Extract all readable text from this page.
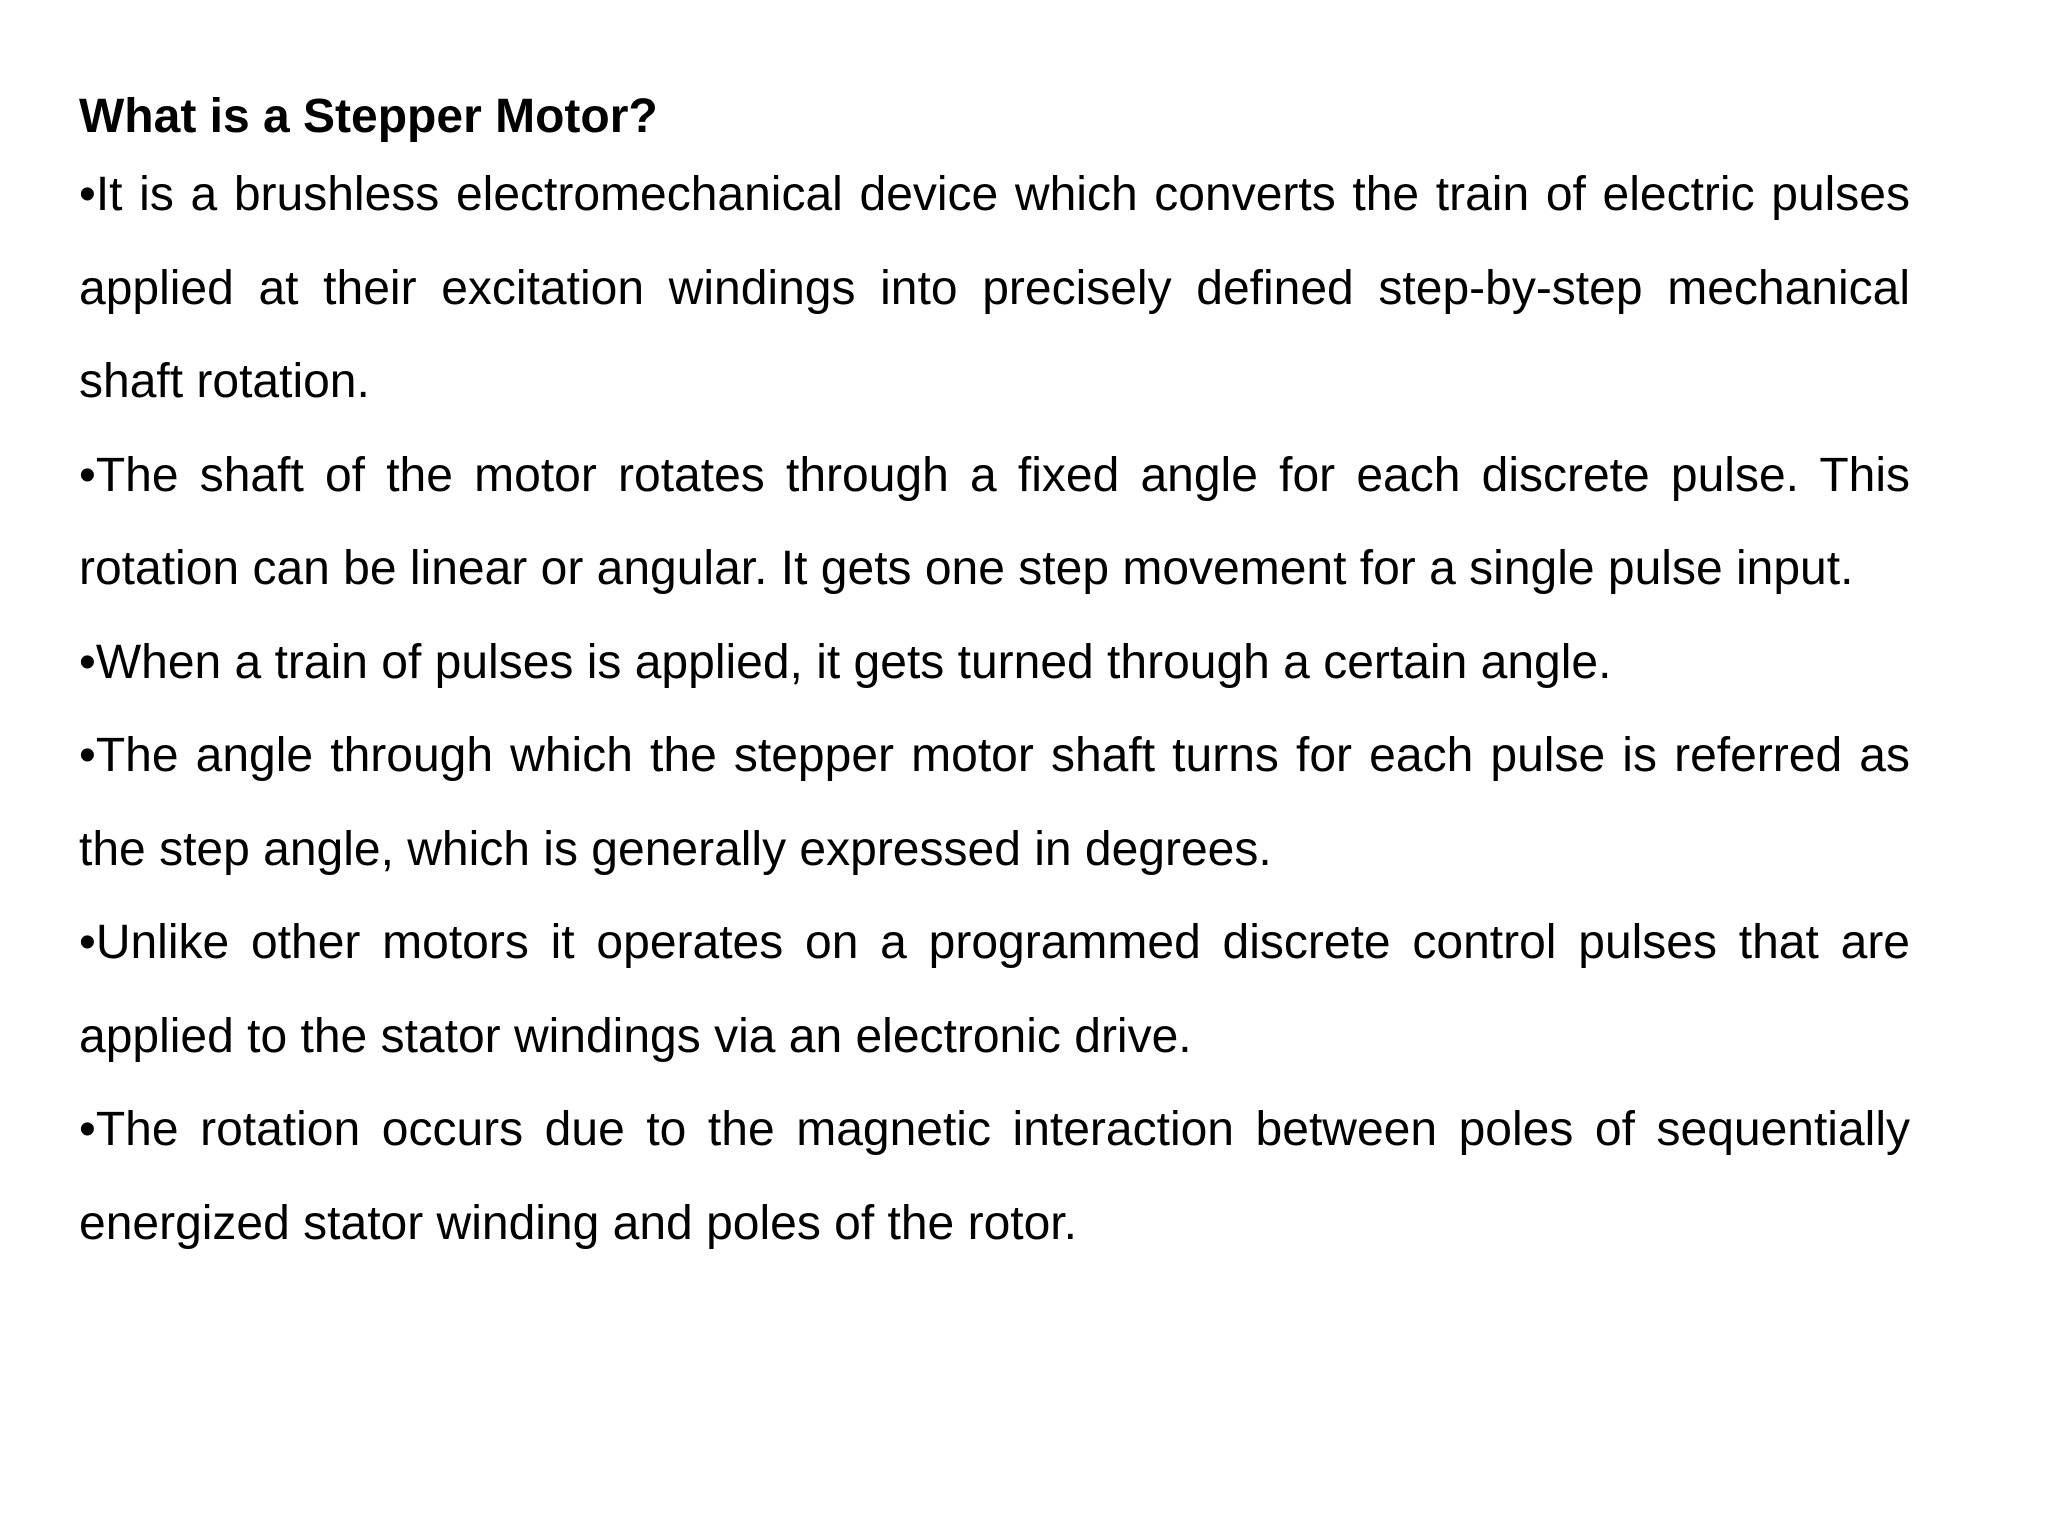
What is a Stepper Motor?

•It is a brushless electromechanical device which converts the train of electric pulses applied at their excitation windings into precisely defined step-by-step mechanical shaft rotation.

•The shaft of the motor rotates through a fixed angle for each discrete pulse. This rotation can be linear or angular. It gets one step movement for a single pulse input.

•When a train of pulses is applied, it gets turned through a certain angle.

•The angle through which the stepper motor shaft turns for each pulse is referred as the step angle, which is generally expressed in degrees.

•Unlike other motors it operates on a programmed discrete control pulses that are applied to the stator windings via an electronic drive.

•The rotation occurs due to the magnetic interaction between poles of sequentially energized stator winding and poles of the rotor.
